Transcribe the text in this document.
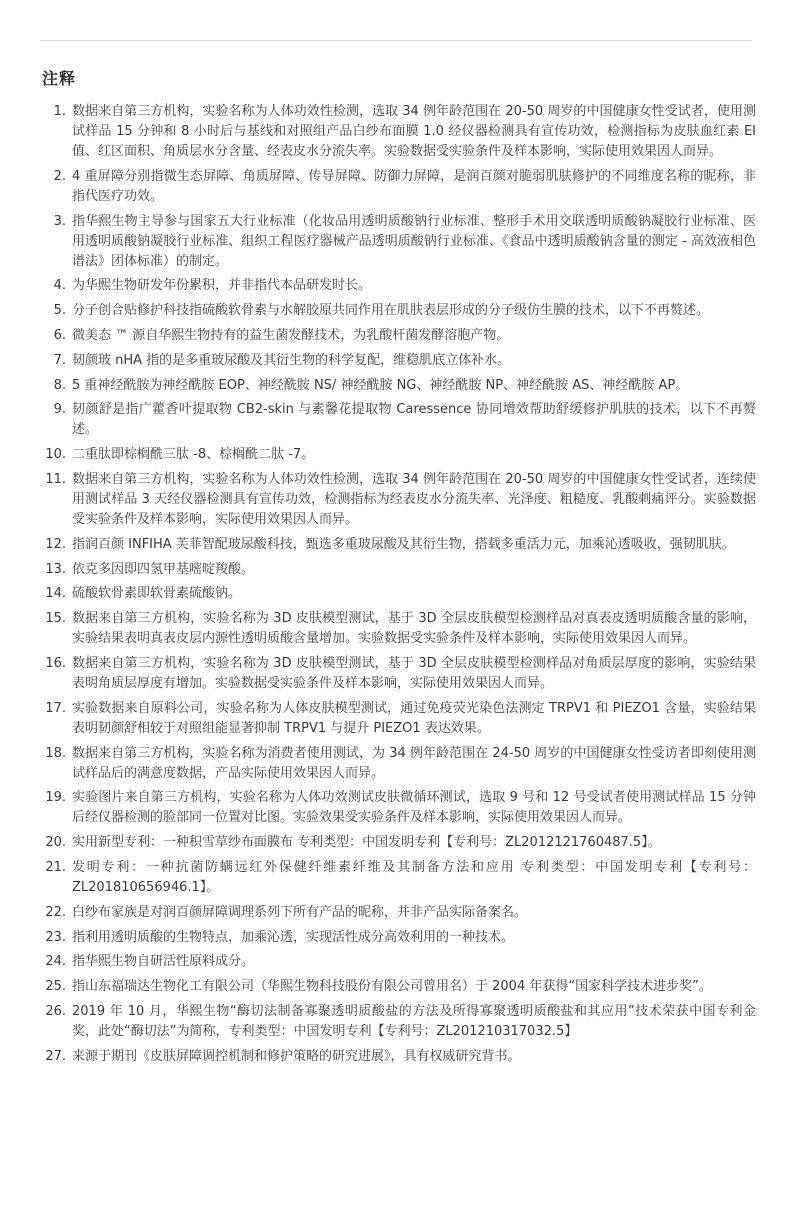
注释
1. 数据来自第三方机构，实验名称为人体功效性检测，选取 34 例年龄范围在 20-50 周岁的中国健康女性受试者，使用测试样品 15 分钟和 8 小时后与基线和对照组产品白纱布面膜 1.0 经仪器检测具有宣传功效，检测指标为皮肤血红素 EI 值、红区面积、角质层水分含量、经表皮水分流失率。实验数据受实验条件及样本影响，实际使用效果因人而异。
2. 4 重屏障分别指微生态屏障、角质屏障、传导屏障、防御力屏障，是润百颜对脆弱肌肤修护的不同维度名称的昵称，非指代医疗功效。
3. 指华熙生物主导参与国家五大行业标准（化妆品用透明质酸钠行业标准、整形手术用交联透明质酸钠凝胶行业标准、医用透明质酸钠凝胶行业标准、组织工程医疗器械产品透明质酸钠行业标准、《食品中透明质酸钠含量的测定 - 高效液相色谱法》团体标准）的制定。
4. 为华熙生物研发年份累积，并非指代本品研发时长。
5. 分子创合贴修护科技指硫酸软骨素与水解胶原共同作用在肌肤表层形成的分子级仿生膜的技术，以下不再赘述。
6. 微美态 ™ 源自华熙生物持有的益生菌发酵技术，为乳酸杆菌发酵溶胞产物。
7. 韧颜玻 nHA 指的是多重玻尿酸及其衍生物的科学复配，维稳肌底立体补水。
8. 5 重神经酰胺为神经酰胺 EOP、神经酰胺 NS/ 神经酰胺 NG、神经酰胺 NP、神经酰胺 AS、神经酰胺 AP。
9. 韧颜舒是指广藿香叶提取物 CB2-skin 与素馨花提取物 Caressence 协同增效帮助舒缓修护肌肤的技术，以下不再赘述。
10. 二重肽即棕榈酰三肽 -8、棕榈酰二肽 -7。
11. 数据来自第三方机构，实验名称为人体功效性检测，选取 34 例年龄范围在 20-50 周岁的中国健康女性受试者，连续使用测试样品 3 天经仪器检测具有宣传功效，检测指标为经表皮水分流失率、光泽度、粗糙度、乳酸刺痛评分。实验数据受实验条件及样本影响，实际使用效果因人而异。
12. 指润百颜 INFIHA 芙菲智配玻尿酸科技，甄选多重玻尿酸及其衍生物，搭载多重活力元，加乘沁透吸收，强韧肌肤。
13. 依克多因即四氢甲基嘧啶羧酸。
14. 硫酸软骨素即软骨素硫酸钠。
15. 数据来自第三方机构，实验名称为 3D 皮肤模型测试，基于 3D 全层皮肤模型检测样品对真表皮透明质酸含量的影响，实验结果表明真表皮层内源性透明质酸含量增加。实验数据受实验条件及样本影响，实际使用效果因人而异。
16. 数据来自第三方机构，实验名称为 3D 皮肤模型测试，基于 3D 全层皮肤模型检测样品对角质层厚度的影响，实验结果表明角质层厚度有增加。实验数据受实验条件及样本影响，实际使用效果因人而异。
17. 实验数据来自原料公司，实验名称为人体皮肤模型测试，通过免疫荧光染色法测定 TRPV1 和 PIEZO1 含量，实验结果表明韧颜舒相较于对照组能显著抑制 TRPV1 与提升 PIEZO1 表达效果。
18. 数据来自第三方机构，实验名称为消费者使用测试，为 34 例年龄范围在 24-50 周岁的中国健康女性受访者即刻使用测试样品后的满意度数据，产品实际使用效果因人而异。
19. 实验图片来自第三方机构，实验名称为人体功效测试皮肤微循环测试，选取 9 号和 12 号受试者使用测试样品 15 分钟后经仪器检测的脸部同一位置对比图。实验效果受实验条件及样本影响，实际使用效果因人而异。
20. 实用新型专利：一种积雪草纱布面膜布 专利类型：中国发明专利【专利号：ZL2012121760487.5】。
21. 发明专利：一种抗菌防螨远红外保健纤维素纤维及其制备方法和应用 专利类型：中国发明专利【专利号：ZL201810656946.1】。
22. 白纱布家族是对润百颜屏障调理系列下所有产品的昵称，并非产品实际备案名。
23. 指利用透明质酸的生物特点，加乘沁透，实现活性成分高效利用的一种技术。
24. 指华熙生物自研活性原料成分。
25. 指山东福瑞达生物化工有限公司（华熙生物科技股份有限公司曾用名）于 2004 年获得“国家科学技术进步奖”。
26. 2019 年 10 月，华熙生物“酶切法制备寡聚透明质酸盐的方法及所得寡聚透明质酸盐和其应用”技术荣获中国专利金奖，此处“酶切法”为简称，专利类型：中国发明专利【专利号：ZL201210317032.5】
27. 来源于期刊《皮肤屏障调控机制和修护策略的研究进展》，具有权威研究背书。
